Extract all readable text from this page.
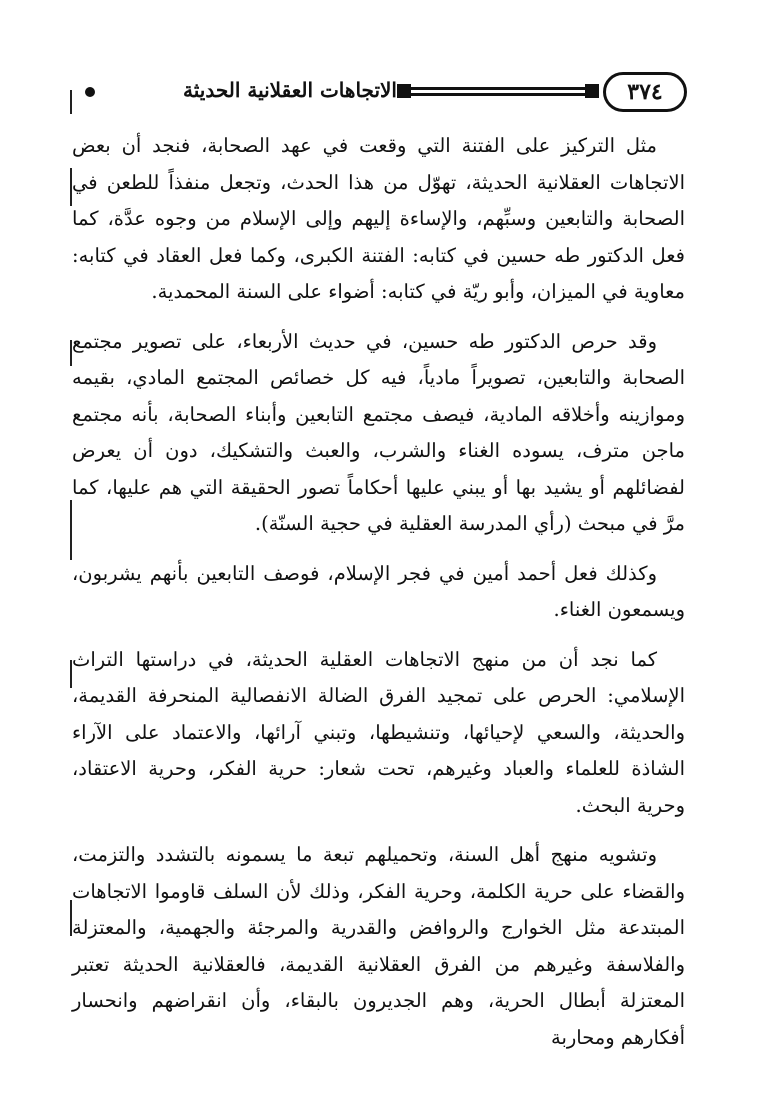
الاتجاهات العقلانية الحديثة	٣٧٤

مثل التركيز على الفتنة التي وقعت في عهد الصحابة، فنجد أن بعض الاتجاهات العقلانية الحديثة، تهوّل من هذا الحدث، وتجعل منفذاً للطعن في الصحابة والتابعين وسبِّهم، والإساءة إليهم وإلى الإسلام من وجوه عدَّة، كما فعل الدكتور طه حسين في كتابه: الفتنة الكبرى، وكما فعل العقاد في كتابه: معاوية في الميزان، وأبو ريّة في كتابه: أضواء على السنة المحمدية.

وقد حرص الدكتور طه حسين، في حديث الأربعاء، على تصوير مجتمع الصحابة والتابعين، تصويراً مادياً، فيه كل خصائص المجتمع المادي، بقيمه وموازينه وأخلاقه المادية، فيصف مجتمع التابعين وأبناء الصحابة، بأنه مجتمع ماجن مترف، يسوده الغناء والشرب، والعبث والتشكيك، دون أن يعرض لفضائلهم أو يشيد بها أو يبني عليها أحكاماً تصور الحقيقة التي هم عليها، كما مرَّ في مبحث (رأي المدرسة العقلية في حجية السنّة).

وكذلك فعل أحمد أمين في فجر الإسلام، فوصف التابعين بأنهم يشربون، ويسمعون الغناء.

كما نجد أن من منهج الاتجاهات العقلية الحديثة، في دراستها التراث الإسلامي: الحرص على تمجيد الفرق الضالة الانفصالية المنحرفة القديمة، والحديثة، والسعي لإحيائها، وتنشيطها، وتبني آرائها، والاعتماد على الآراء الشاذة للعلماء والعباد وغيرهم، تحت شعار: حرية الفكر، وحرية الاعتقاد، وحرية البحث.

وتشويه منهج أهل السنة، وتحميلهم تبعة ما يسمونه بالتشدد والتزمت، والقضاء على حرية الكلمة، وحرية الفكر، وذلك لأن السلف قاوموا الاتجاهات المبتدعة مثل الخوارج والروافض والقدرية والمرجئة والجهمية، والمعتزلة والفلاسفة وغيرهم من الفرق العقلانية القديمة، فالعقلانية الحديثة تعتبر المعتزلة أبطال الحرية، وهم الجديرون بالبقاء، وأن انقراضهم وانحسار أفكارهم ومحاربة
